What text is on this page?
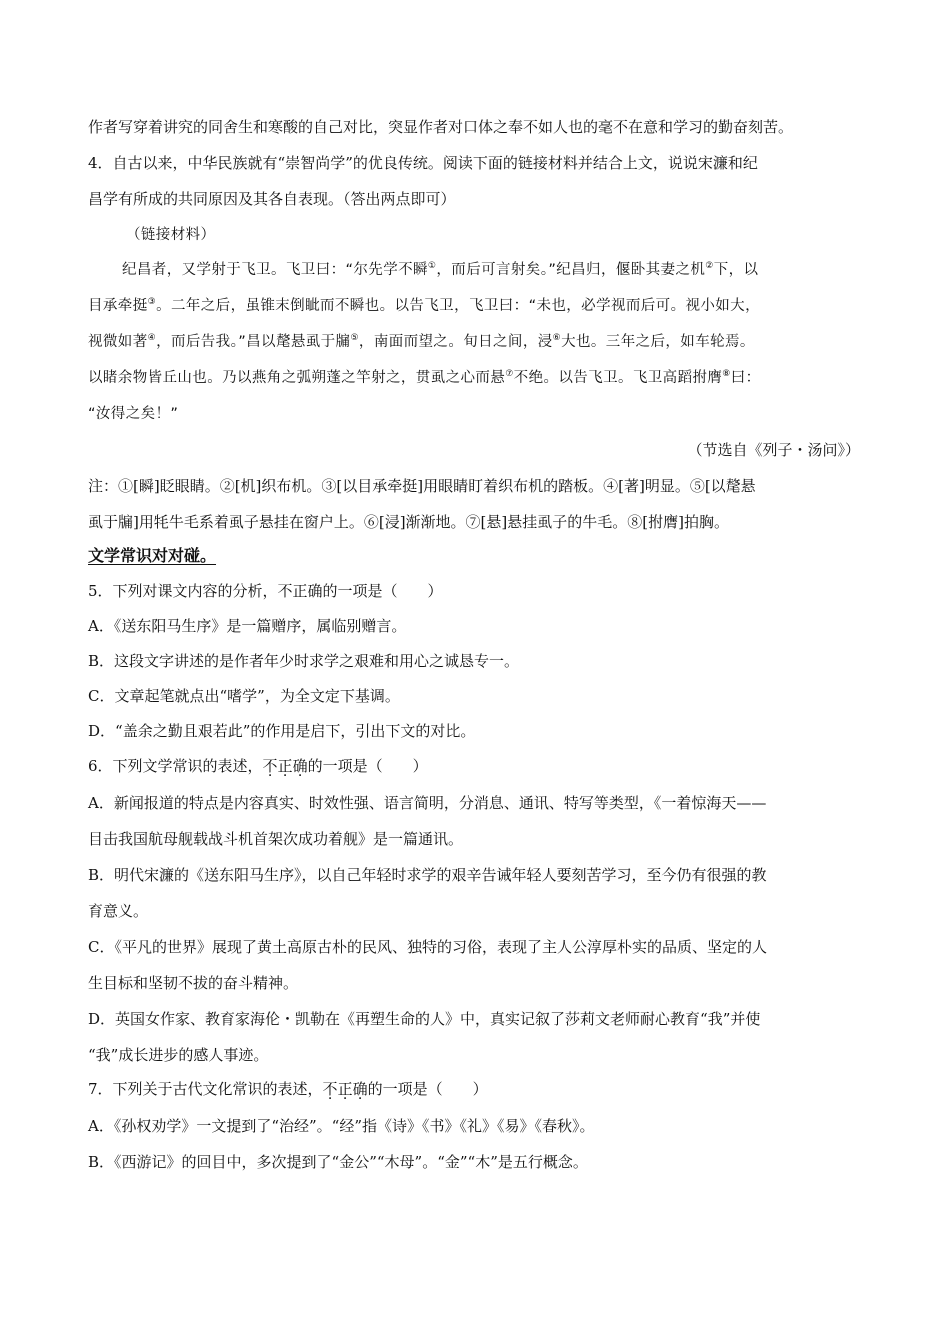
作者写穿着讲究的同舍生和寒酸的自己对比，突显作者对口体之奉不如人也的毫不在意和学习的勤奋刻苦。
4．自古以来，中华民族就有“崇智尚学”的优良传统。阅读下面的链接材料并结合上文，说说宋濂和纪
昌学有所成的共同原因及其各自表现。（答出两点即可）
（链接材料）
纪昌者，又学射于飞卫。飞卫曰：“尔先学不瞬①，而后可言射矣。”纪昌归，偃卧其妻之机②下，以
目承牵挺③。二年之后，虽锥末倒眦而不瞬也。以告飞卫，飞卫曰：“未也，必学视而后可。视小如大，
视微如著④，而后告我。”昌以氂悬虱于牖⑤，南面而望之。旬日之间，浸⑥大也。三年之后，如车轮焉。
以睹余物皆丘山也。乃以燕角之弧朔蓬之竿射之，贯虱之心而悬⑦不绝。以告飞卫。飞卫高蹈拊膺⑧曰：
“汝得之矣！”
（节选自《列子・汤问》）
注：①[瞬]眨眼睛。②[机]织布机。③[以目承牵挺]用眼睛盯着织布机的踏板。④[著]明显。⑤[以氂悬
虱于牖]用牦牛毛系着虱子悬挂在窗户上。⑥[浸]渐渐地。⑦[悬]悬挂虱子的牛毛。⑧[拊膺]拍胸。
文学常识对对碰。
5．下列对课文内容的分析，不正确的一项是（　　）
A．《送东阳马生序》是一篇赠序，属临别赠言。
B．这段文字讲述的是作者年少时求学之艰难和用心之诚恳专一。
C．文章起笔就点出“嗜学”，为全文定下基调。
D．“盖余之勤且艰若此”的作用是启下，引出下文的对比。
6．下列文学常识的表述，不正确的一项是（　　）
A．新闻报道的特点是内容真实、时效性强、语言简明，分消息、通讯、特写等类型，《一着惊海天——
目击我国航母舰载战斗机首架次成功着舰》是一篇通讯。
B．明代宋濂的《送东阳马生序》，以自己年轻时求学的艰辛告诫年轻人要刻苦学习，至今仍有很强的教
育意义。
C．《平凡的世界》展现了黄土高原古朴的民风、独特的习俗，表现了主人公淳厚朴实的品质、坚定的人
生目标和坚韧不拔的奋斗精神。
D．英国女作家、教育家海伦・凯勒在《再塑生命的人》中，真实记叙了莎莉文老师耐心教育“我”并使
“我”成长进步的感人事迹。
7．下列关于古代文化常识的表述，不正确的一项是（　　）
A．《孙权劝学》一文提到了“治经”。“经”指《诗》《书》《礼》《易》《春秋》。
B．《西游记》的回目中，多次提到了“金公”“木母”。“金”“木”是五行概念。
